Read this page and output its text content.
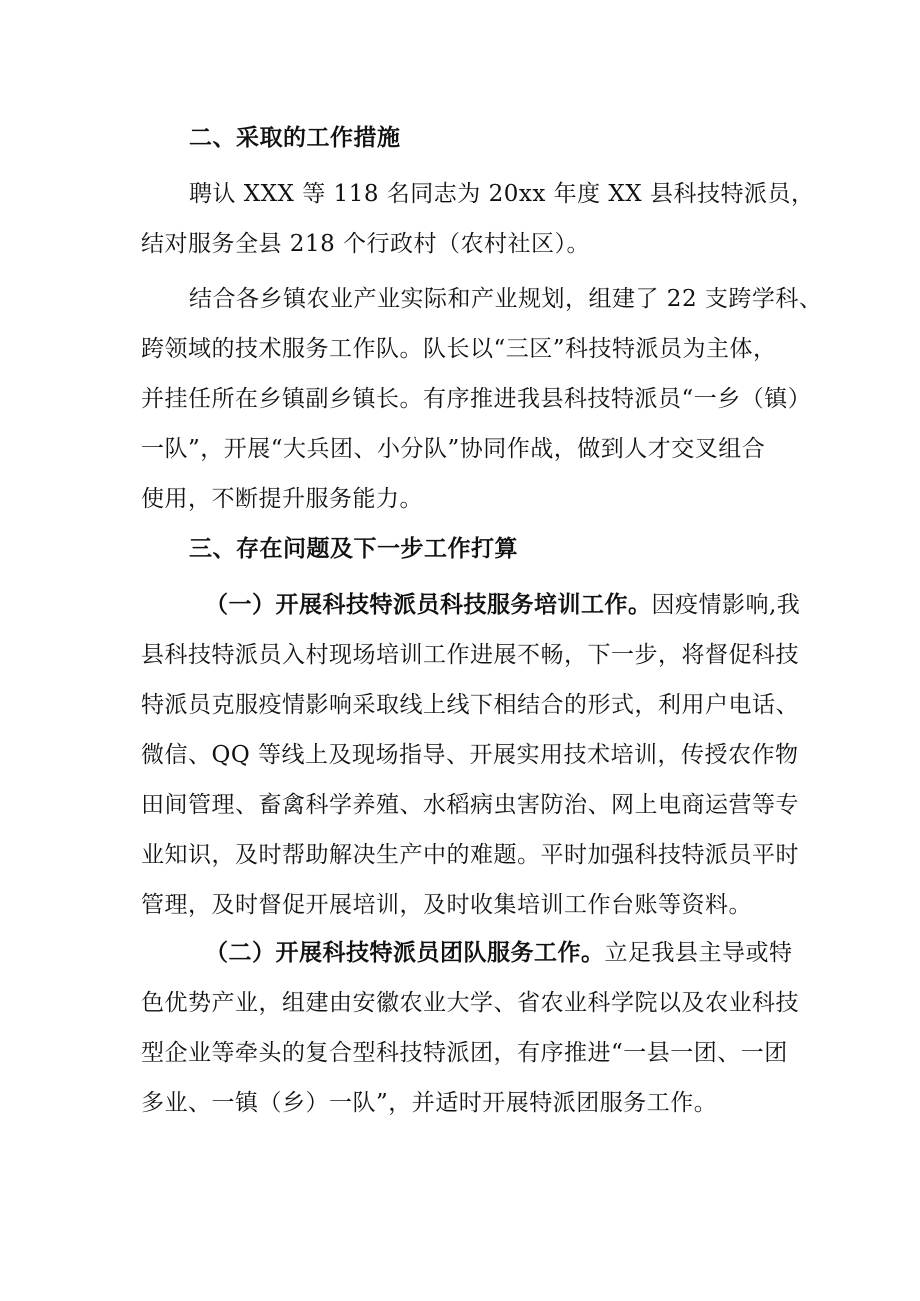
二、采取的工作措施
聘认 XXX 等 118 名同志为 20xx 年度 XX 县科技特派员，
结对服务全县 218 个行政村（农村社区）。
结合各乡镇农业产业实际和产业规划，组建了 22 支跨学科、
跨领域的技术服务工作队。队长以“三区”科技特派员为主体，
并挂任所在乡镇副乡镇长。有序推进我县科技特派员“一乡（镇）
一队”，开展“大兵团、小分队”协同作战，做到人才交叉组合
使用，不断提升服务能力。
三、存在问题及下一步工作打算
（一）开展科技特派员科技服务培训工作。因疫情影响,我
县科技特派员入村现场培训工作进展不畅，下一步，将督促科技
特派员克服疫情影响采取线上线下相结合的形式，利用户电话、
微信、QQ 等线上及现场指导、开展实用技术培训，传授农作物
田间管理、畜禽科学养殖、水稻病虫害防治、网上电商运营等专
业知识，及时帮助解决生产中的难题。平时加强科技特派员平时
管理，及时督促开展培训，及时收集培训工作台账等资料。
（二）开展科技特派员团队服务工作。立足我县主导或特
色优势产业，组建由安徽农业大学、省农业科学院以及农业科技
型企业等牵头的复合型科技特派团，有序推进“一县一团、一团
多业、一镇（乡）一队”，并适时开展特派团服务工作。
